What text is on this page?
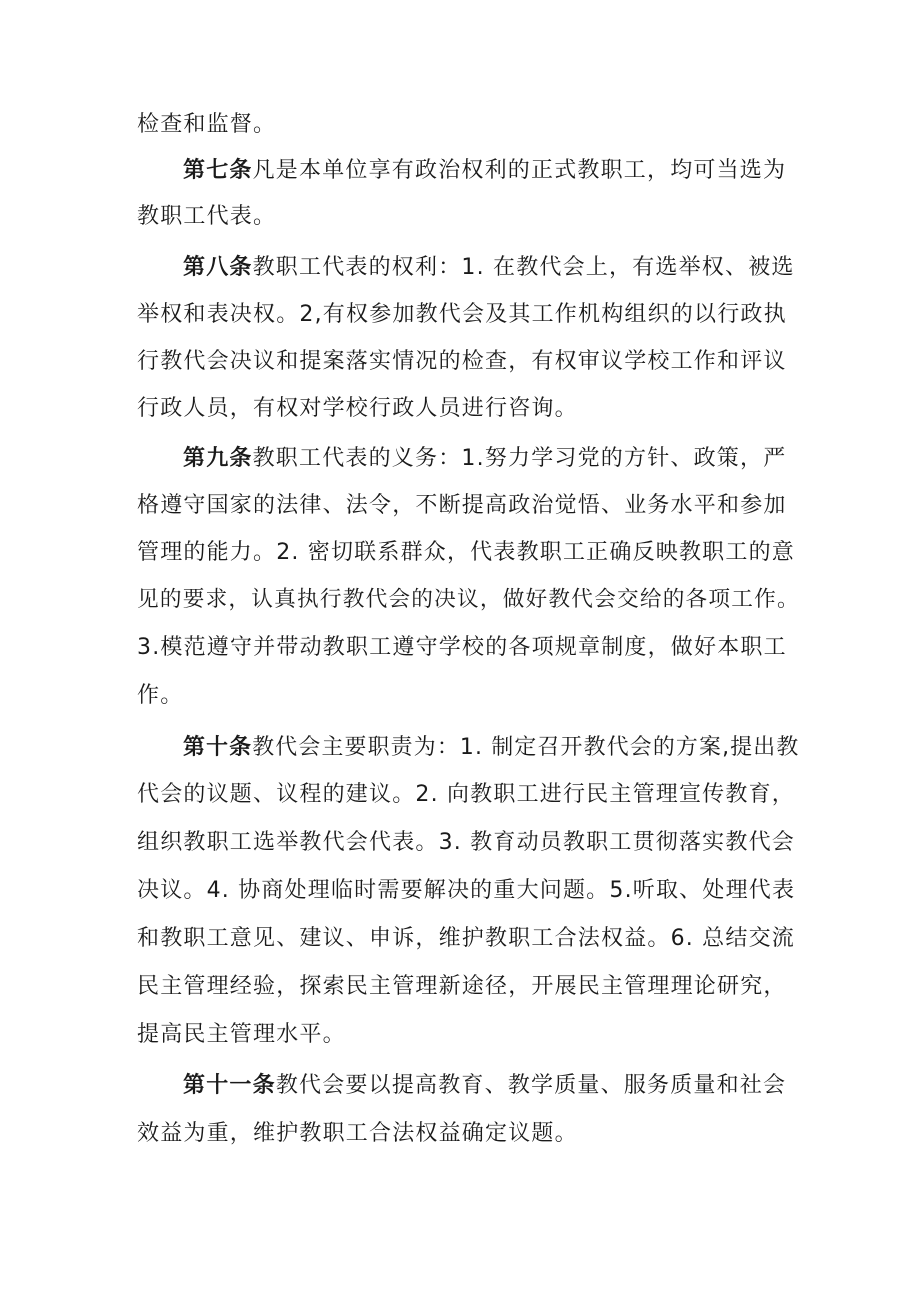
检查和监督。
第七条凡是本单位享有政治权利的正式教职工，均可当选为
教职工代表。
第八条教职工代表的权利：1. 在教代会上，有选举权、被选
举权和表决权。2,有权参加教代会及其工作机构组织的以行政执
行教代会决议和提案落实情况的检查，有权审议学校工作和评议
行政人员，有权对学校行政人员进行咨询。
第九条教职工代表的义务：1.努力学习党的方针、政策，严
格遵守国家的法律、法令，不断提高政治觉悟、业务水平和参加
管理的能力。2. 密切联系群众，代表教职工正确反映教职工的意
见的要求，认真执行教代会的决议，做好教代会交给的各项工作。
3.模范遵守并带动教职工遵守学校的各项规章制度，做好本职工
作。
第十条教代会主要职责为：1. 制定召开教代会的方案,提出教
代会的议题、议程的建议。2. 向教职工进行民主管理宣传教育，
组织教职工选举教代会代表。3. 教育动员教职工贯彻落实教代会
决议。4. 协商处理临时需要解决的重大问题。5.听取、处理代表
和教职工意见、建议、申诉，维护教职工合法权益。6. 总结交流
民主管理经验，探索民主管理新途径，开展民主管理理论研究，
提高民主管理水平。
第十一条教代会要以提高教育、教学质量、服务质量和社会
效益为重，维护教职工合法权益确定议题。
